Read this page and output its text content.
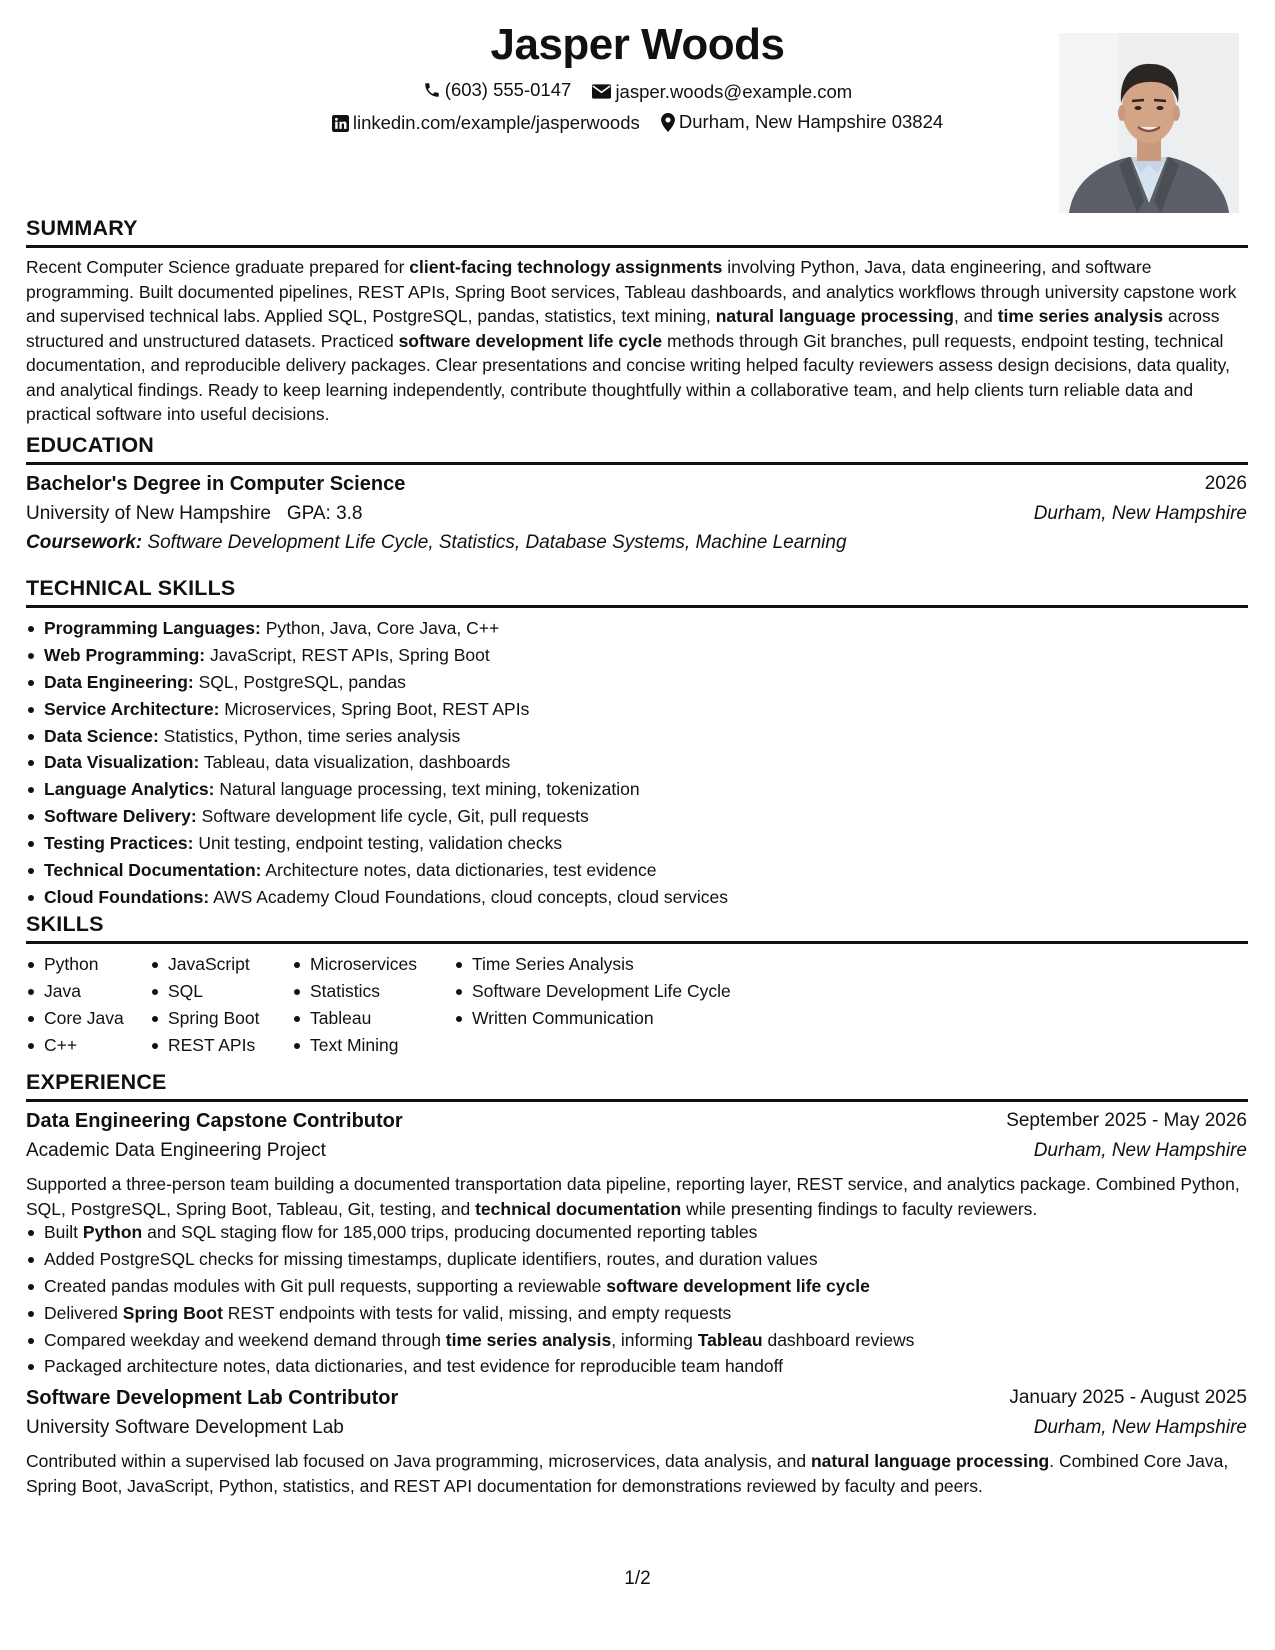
Jasper Woods
(603) 555-0147
jasper.woods@example.com
linkedin.com/example/jasperwoods
Durham, New Hampshire 03824
SUMMARY

Recent Computer Science graduate prepared for client-facing technology assignments involving Python, Java, data engineering, and software programming. Built documented pipelines, REST APIs, Spring Boot services, Tableau dashboards, and analytics workflows through university capstone work and supervised technical labs. Applied SQL, PostgreSQL, pandas, statistics, text mining, natural language processing, and time series analysis across structured and unstructured datasets. Practiced software development life cycle methods through Git branches, pull requests, endpoint testing, technical documentation, and reproducible delivery packages. Clear presentations and concise writing helped faculty reviewers assess design decisions, data quality, and analytical findings. Ready to keep learning independently, contribute thoughtfully within a collaborative team, and help clients turn reliable data and practical software into useful decisions.

EDUCATION
Bachelor's Degree in Computer Science	2026
University of New Hampshire GPA: 3.8	Durham, New Hampshire
Coursework: Software Development Life Cycle, Statistics, Database Systems, Machine Learning
TECHNICAL SKILLS
Programming Languages: Python, Java, Core Java, C++
Web Programming: JavaScript, REST APIs, Spring Boot
Data Engineering: SQL, PostgreSQL, pandas
Service Architecture: Microservices, Spring Boot, REST APIs
Data Science: Statistics, Python, time series analysis
Data Visualization: Tableau, data visualization, dashboards
Language Analytics: Natural language processing, text mining, tokenization
Software Delivery: Software development life cycle, Git, pull requests
Testing Practices: Unit testing, endpoint testing, validation checks
Technical Documentation: Architecture notes, data dictionaries, test evidence
Cloud Foundations: AWS Academy Cloud Foundations, cloud concepts, cloud services
SKILLS
Python
Java
Core Java
C++
JavaScript
SQL
Spring Boot
REST APIs
Microservices
Statistics
Tableau
Text Mining
Time Series Analysis
Software Development Life Cycle
Written Communication
EXPERIENCE
Data Engineering Capstone Contributor	September 2025 - May 2026
Academic Data Engineering Project	Durham, New Hampshire

Supported a three-person team building a documented transportation data pipeline, reporting layer, REST service, and analytics package. Combined Python, SQL, PostgreSQL, Spring Boot, Tableau, Git, testing, and technical documentation while presenting findings to faculty reviewers.

Built Python and SQL staging flow for 185,000 trips, producing documented reporting tables
Added PostgreSQL checks for missing timestamps, duplicate identifiers, routes, and duration values
Created pandas modules with Git pull requests, supporting a reviewable software development life cycle
Delivered Spring Boot REST endpoints with tests for valid, missing, and empty requests
Compared weekday and weekend demand through time series analysis, informing Tableau dashboard reviews
Packaged architecture notes, data dictionaries, and test evidence for reproducible team handoff
Software Development Lab Contributor	January 2025 - August 2025
University Software Development Lab	Durham, New Hampshire

Contributed within a supervised lab focused on Java programming, microservices, data analysis, and natural language processing. Combined Core Java, Spring Boot, JavaScript, Python, statistics, and REST API documentation for demonstrations reviewed by faculty and peers.

1/2
